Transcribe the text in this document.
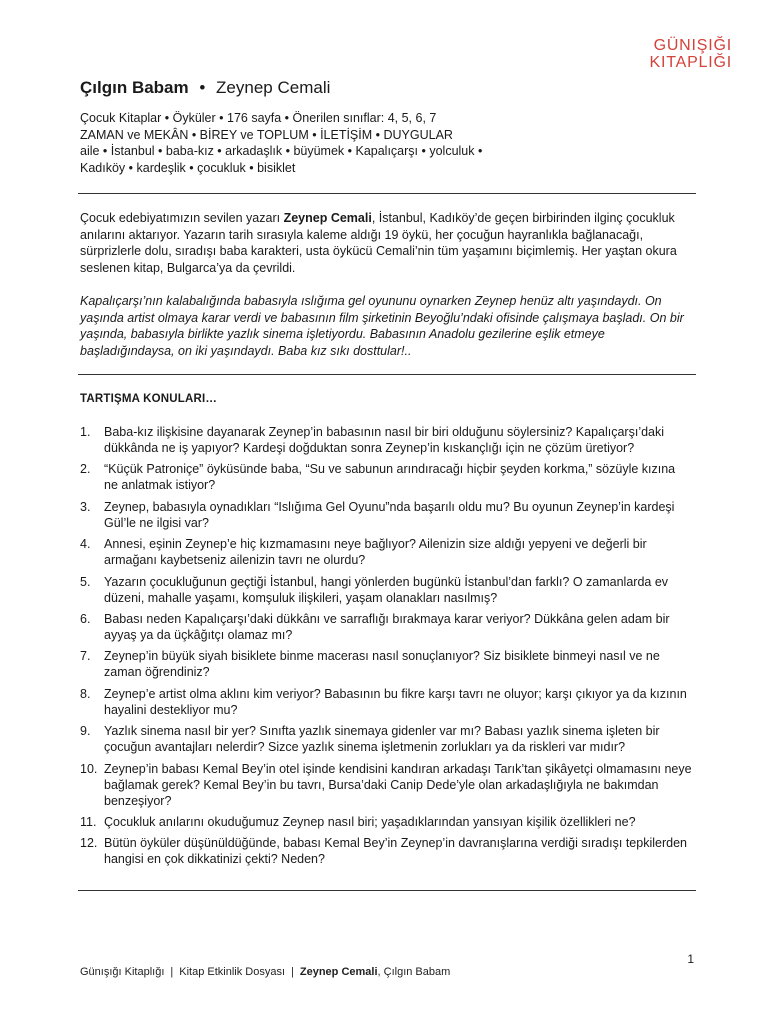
GÜNIŞIĞI
KITAPLIĞI
Çılgın Babam • Zeynep Cemali
Çocuk Kitaplar • Öyküler • 176 sayfa • Önerilen sınıflar: 4, 5, 6, 7
ZAMAN ve MEKÂN • BİREY ve TOPLUM • İLETİŞİM • DUYGULAR
aile • İstanbul • baba-kız • arkadaşlık • büyümek • Kapalıçarşı • yolculuk •
Kadıköy • kardeşlik • çocukluk • bisiklet

Çocuk edebiyatımızın sevilen yazarı Zeynep Cemali, İstanbul, Kadıköy’de geçen birbirinden ilginç çocukluk anılarını aktarıyor. Yazarın tarih sırasıyla kaleme aldığı 19 öykü, her çocuğun hayranlıkla bağlanacağı, sürprizlerle dolu, sıradışı baba karakteri, usta öykücü Cemali’nin tüm yaşamını biçimlemiş. Her yaştan okura seslenen kitap, Bulgarca’ya da çevrildi.

Kapalıçarşı’nın kalabalığında babasıyla ıslığıma gel oyununu oynarken Zeynep henüz altı yaşındaydı. On yaşında artist olmaya karar verdi ve babasının film şirketinin Beyoğlu’ndaki ofisinde çalışmaya başladı. On bir yaşında, babasıyla birlikte yazlık sinema işletiyordu. Babasının Anadolu gezilerine eşlik etmeye başladığındaysa, on iki yaşındaydı. Baba kız sıkı dosttular!..

TARTIŞMA KONULARI…
1. Baba-kız ilişkisine dayanarak Zeynep’in babasının nasıl bir biri olduğunu söylersiniz? Kapalıçarşı’daki dükkânda ne iş yapıyor? Kardeşi doğduktan sonra Zeynep’in kıskançlığı için ne çözüm üretiyor?
2. “Küçük Patroniçe” öyküsünde baba, “Su ve sabunun arındıracağı hiçbir şeyden korkma,” sözüyle kızına ne anlatmak istiyor?
3. Zeynep, babasıyla oynadıkları “Islığıma Gel Oyunu”nda başarılı oldu mu? Bu oyunun Zeynep’in kardeşi Gül’le ne ilgisi var?
4. Annesi, eşinin Zeynep’e hiç kızmamasını neye bağlıyor? Ailenizin size aldığı yepyeni ve değerli bir armağanı kaybetseniz ailenizin tavrı ne olurdu?
5. Yazarın çocukluğunun geçtiği İstanbul, hangi yönlerden bugünkü İstanbul’dan farklı? O zamanlarda ev düzeni, mahalle yaşamı, komşuluk ilişkileri, yaşam olanakları nasılmış?
6. Babası neden Kapalıçarşı’daki dükkânı ve sarraflığı bırakmaya karar veriyor? Dükkâna gelen adam bir ayyaş ya da üçkâğıtçı olamaz mı?
7. Zeynep’in büyük siyah bisiklete binme macerası nasıl sonuçlanıyor? Siz bisiklete binmeyi nasıl ve ne zaman öğrendiniz?
8. Zeynep’e artist olma aklını kim veriyor? Babasının bu fikre karşı tavrı ne oluyor; karşı çıkıyor ya da kızının hayalini destekliyor mu?
9. Yazlık sinema nasıl bir yer? Sınıfta yazlık sinemaya gidenler var mı? Babası yazlık sinema işleten bir çocuğun avantajları nelerdir? Sizce yazlık sinema işletmenin zorlukları ya da riskleri var mıdır?
10. Zeynep’in babası Kemal Bey’in otel işinde kendisini kandıran arkadaşı Tarık’tan şikâyetçi olmamasını neye bağlamak gerek? Kemal Bey’in bu tavrı, Bursa’daki Canip Dede’yle olan arkadaşlığıyla ne bakımdan benzeşiyor?
11. Çocukluk anılarını okuduğumuz Zeynep nasıl biri; yaşadıklarından yansıyan kişilik özellikleri ne?
12. Bütün öyküler düşünüldüğünde, babası Kemal Bey’in Zeynep’in davranışlarına verdiği sıradışı tepkilerden hangisi en çok dikkatinizi çekti? Neden?
1
Günışığı Kitaplığı | Kitap Etkinlik Dosyası | Zeynep Cemali, Çılgın Babam
